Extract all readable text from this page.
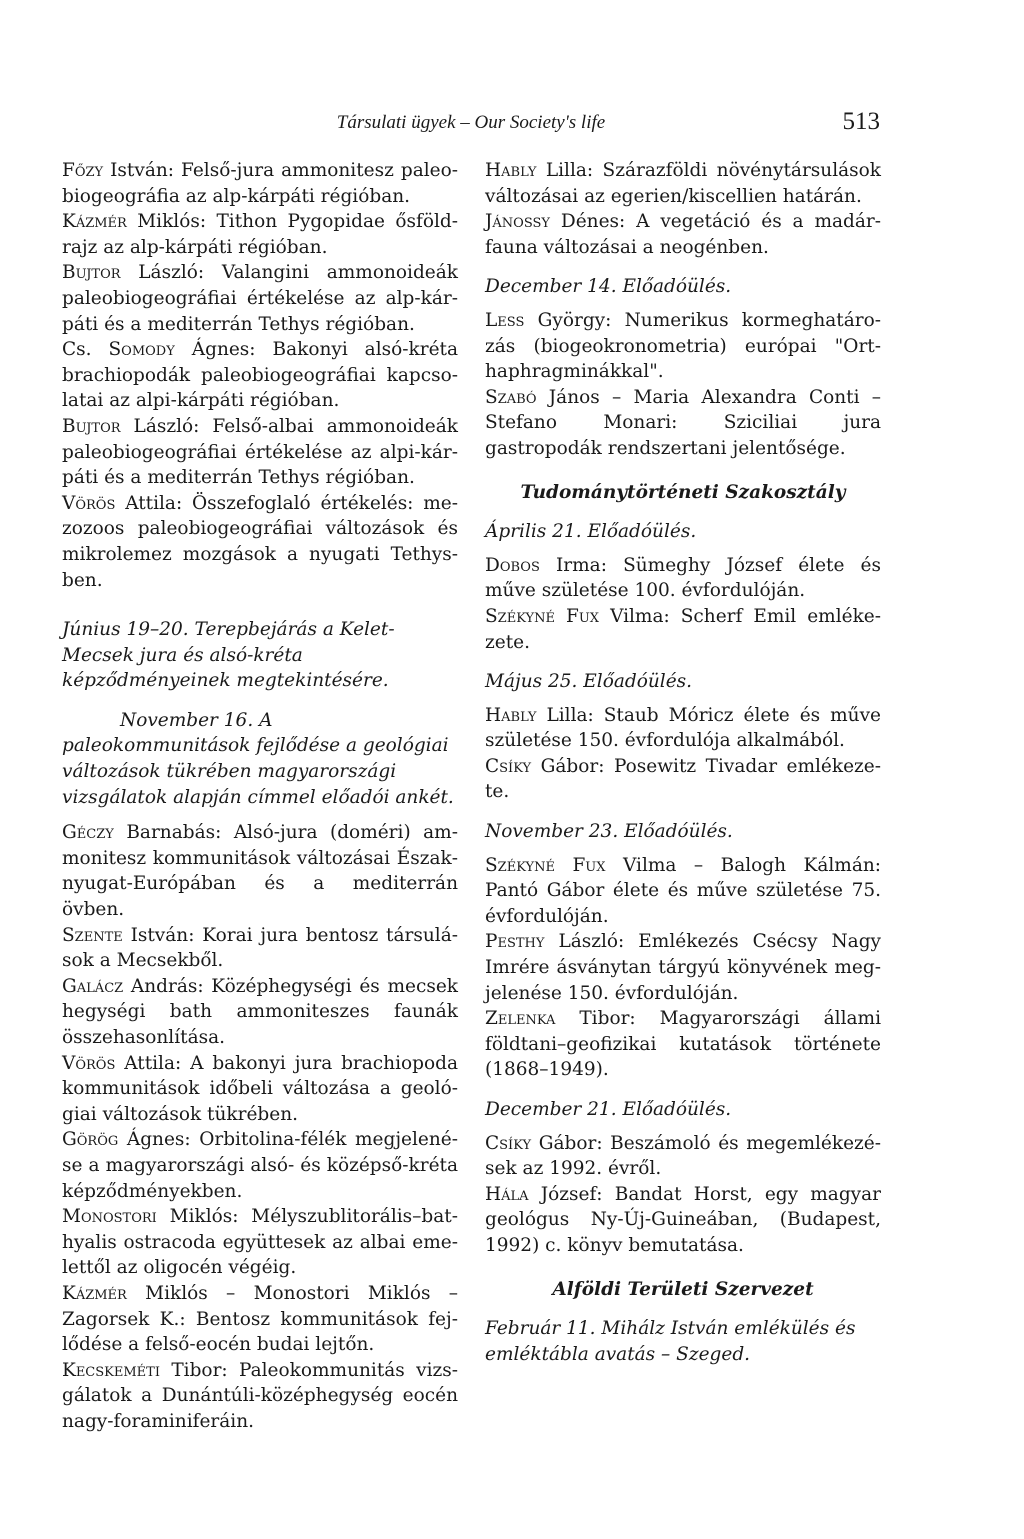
Társulati ügyek – Our Society's life	513

Főzy István: Felső-jura ammonitesz paleobiogeográfia az alp-kárpáti régióban.

Kázmér Miklós: Tithon Pygopidae ősföldrajz az alp-kárpáti régióban.

Bujtor László: Valangini ammonoideák paleobiogeográfiai értékelése az alp-kárpáti és a mediterrán Tethys régióban.

Cs. Somody Ágnes: Bakonyi alsó-kréta brachiopodák paleobiogeográfiai kapcsolatai az alpi-kárpáti régióban.

Bujtor László: Felső-albai ammonoideák paleobiogeográfiai értékelése az alpi-kárpáti és a mediterrán Tethys régióban.

Vörös Attila: Összefoglaló értékelés: mezozoos paleobiogeográfiai változások és mikrolemez mozgások a nyugati Tethysben.

Június 19–20. Terepbejárás a Kelet-Mecsek jura és alsó-kréta képződményeinek megtekintésére.

November 16. A paleokommunitások fejlődése a geológiai változások tükrében magyarországi vizsgálatok alapján címmel előadói ankét.

Géczy Barnabás: Alsó-jura (doméri) ammonitesz kommunitások változásai Északnyugat-Európában és a mediterrán övben.

Szente István: Korai jura bentosz társulások a Mecsekből.

Galácz András: Középhegységi és mecsek hegységi bath ammoniteszes faunák összehasonlítása.

Vörös Attila: A bakonyi jura brachiopoda kommunitások időbeli változása a geológiai változások tükrében.

Görög Ágnes: Orbitolina-félék megjelenése a magyarországi alsó- és középső-kréta képződményekben.

Monostori Miklós: Mélyszublitorális–bathyalis ostracoda együttesek az albai emelettől az oligocén végéig.

Kázmér Miklós – Monostori Miklós – Zagorsek K.: Bentosz kommunitások fejlődése a felső-eocén budai lejtőn.

Kecskeméti Tibor: Paleokommunitás vizsgálatok a Dunántúli-középhegység eocén nagy-foraminiferáin.

Hably Lilla: Szárazföldi növénytársulások változásai az egerien/kiscellien határán.

Jánossy Dénes: A vegetáció és a madárfauna változásai a neogénben.

December 14. Előadóülés.

Less György: Numerikus kormeghatározás (biogeokronometria) európai "Orthaphragminákkal".

Szabó János – Maria Alexandra Conti – Stefano Monari: Sziciliai jura gastropodák rendszertani jelentősége.

Tudománytörténeti Szakosztály

Április 21. Előadóülés.

Dobos Irma: Sümeghy József élete és műve születése 100. évfordulóján.

Székyné Fux Vilma: Scherf Emil emlékezete.

Május 25. Előadóülés.

Hably Lilla: Staub Móricz élete és műve születése 150. évfordulója alkalmából.

Csíky Gábor: Posewitz Tivadar emlékezete.

November 23. Előadóülés.

Székyné Fux Vilma – Balogh Kálmán: Pantó Gábor élete és műve születése 75. évfordulóján.

Pesthy László: Emlékezés Csécsy Nagy Imrére ásványtan tárgyú könyvének megjelenése 150. évfordulóján.

Zelenka Tibor: Magyarországi állami földtani–geofizikai kutatások története (1868–1949).

December 21. Előadóülés.

Csíky Gábor: Beszámoló és megemlékezések az 1992. évről.

Hála József: Bandat Horst, egy magyar geológus Ny-Új-Guineában, (Budapest, 1992) c. könyv bemutatása.

Alföldi Területi Szervezet

Február 11. Mihálz István emlékülés és emléktábla avatás – Szeged.
